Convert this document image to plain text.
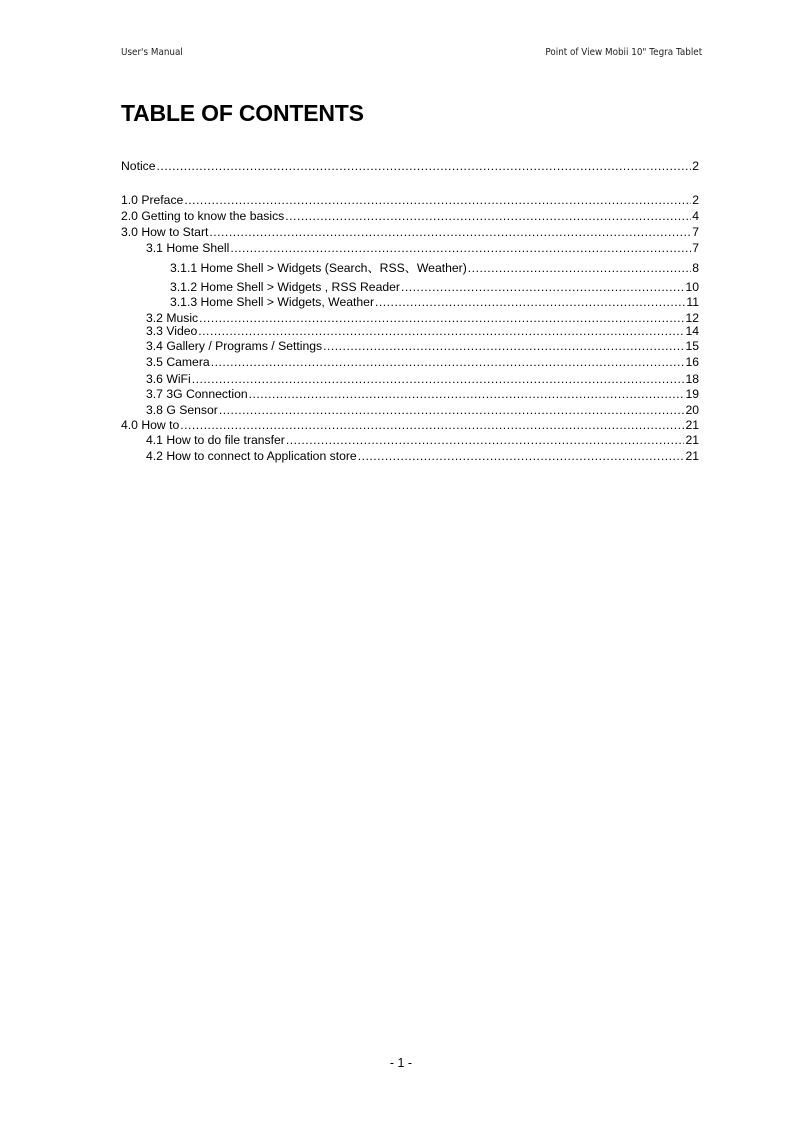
User's Manual	Point of View Mobii 10" Tegra Tablet
TABLE OF CONTENTS
Notice .....	2
1.0 Preface .....	2
2.0 Getting to know the basics .....	4
3.0 How to Start .....	7
3.1 Home Shell .....	7
3.1.1 Home Shell > Widgets (Search、RSS、Weather) .....	8
3.1.2 Home Shell > Widgets , RSS Reader .....	10
3.1.3 Home Shell > Widgets, Weather .....	11
3.2 Music .....	12
3.3 Video .....	14
3.4 Gallery / Programs / Settings .....	15
3.5 Camera .....	16
3.6 WiFi .....	18
3.7 3G Connection .....	19
3.8 G Sensor .....	20
4.0 How to .....	21
4.1 How to do file transfer .....	21
4.2 How to connect to Application store .....	21
- 1 -
